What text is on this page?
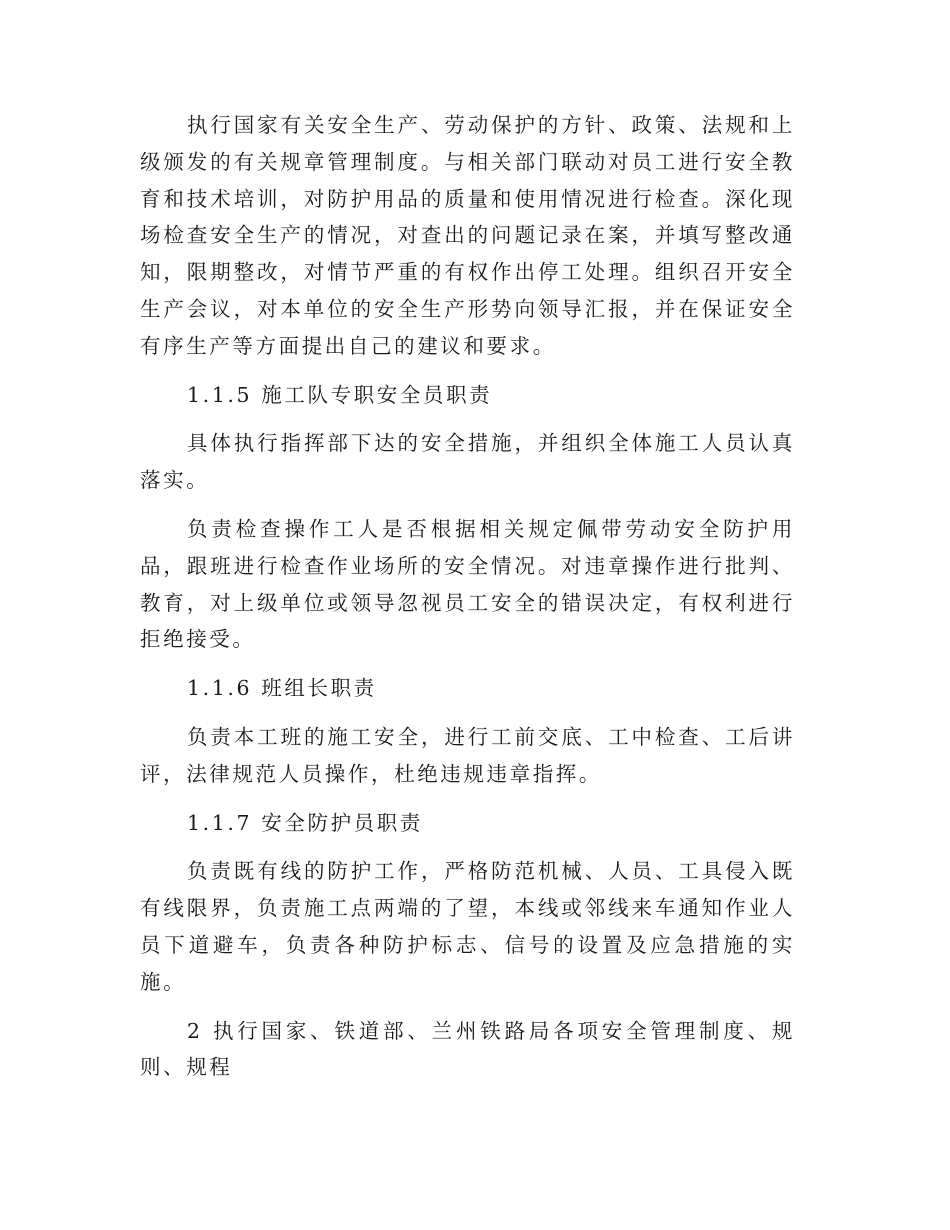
执行国家有关安全生产、劳动保护的方针、政策、法规和上级颁发的有关规章管理制度。与相关部门联动对员工进行安全教育和技术培训，对防护用品的质量和使用情况进行检查。深化现场检查安全生产的情况，对查出的问题记录在案，并填写整改通知，限期整改，对情节严重的有权作出停工处理。组织召开安全生产会议，对本单位的安全生产形势向领导汇报，并在保证安全有序生产等方面提出自己的建议和要求。

1.1.5 施工队专职安全员职责

具体执行指挥部下达的安全措施，并组织全体施工人员认真落实。

负责检查操作工人是否根据相关规定佩带劳动安全防护用品，跟班进行检查作业场所的安全情况。对违章操作进行批判、教育，对上级单位或领导忽视员工安全的错误决定，有权利进行拒绝接受。

1.1.6 班组长职责

负责本工班的施工安全，进行工前交底、工中检查、工后讲评，法律规范人员操作，杜绝违规违章指挥。

1.1.7 安全防护员职责

负责既有线的防护工作，严格防范机械、人员、工具侵入既有线限界，负责施工点两端的了望，本线或邻线来车通知作业人员下道避车，负责各种防护标志、信号的设置及应急措施的实施。

2 执行国家、铁道部、兰州铁路局各项安全管理制度、规则、规程
